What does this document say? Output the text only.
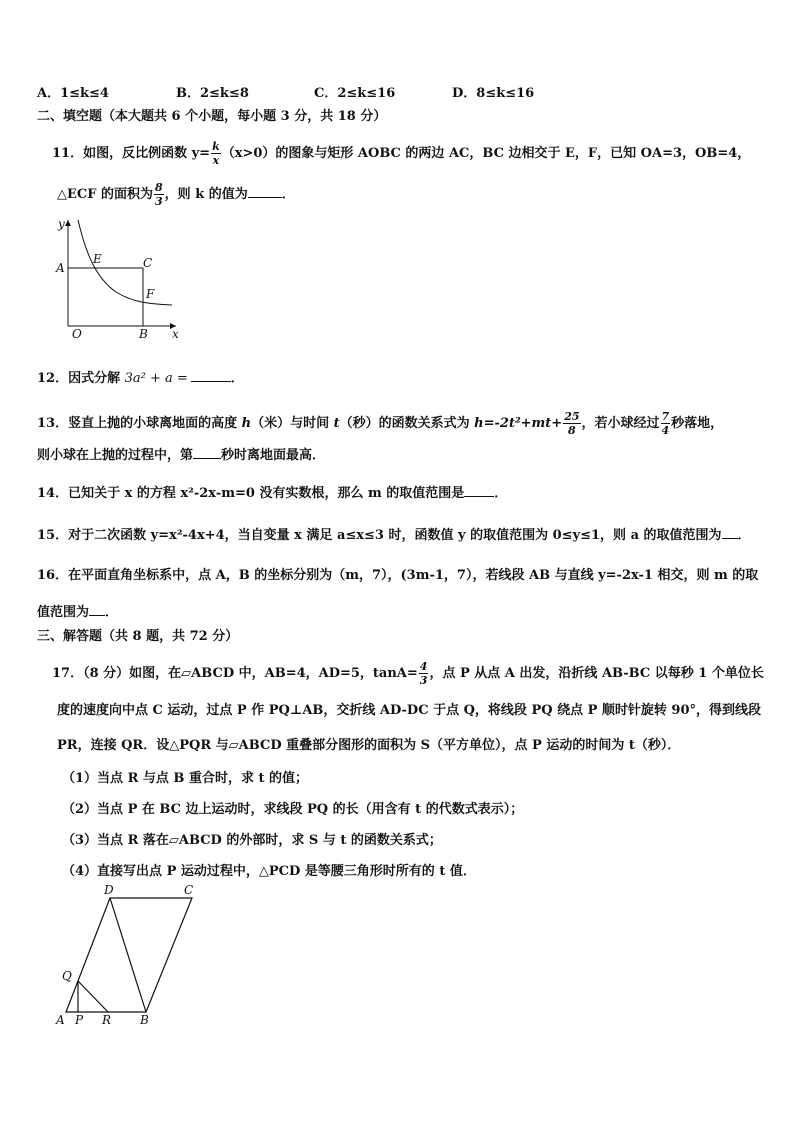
A．1≤k≤4	B．2≤k≤8	C．2≤k≤16	D．8≤k≤16
二、填空题（本大题共 6 个小题，每小题 3 分，共 18 分）
11．如图，反比例函数 $y= \frac{k}{x} (x>0)$的图象与矩形 AOBC 的两边 AC，BC 边相交于 E，F，已知 OA=3，OB=4，
△ECF 的面积为 $\frac{8}{3}$ ，则 k 的值为	．
y
A
E	C
F
O	B x
12．因式分解 3a² + a =	．
13．竖直上抛的小球离地面的高度 h（米）与时间 t（秒）的函数关系式为 $h=-2t^2+mt+ \frac{25}{8}$ ，若小球经过 $\frac{7}{4}$ 秒落地，
则小球在上抛的过程中，第 秒时离地面最高．
14．已知关于 x 的方程 x²-2x-m=0 没有实数根，那么 m 的取值范围是 ．
15．对于二次函数 y=x²-4x+4，当自变量 x 满足 a≤x≤3 时，函数值 y 的取值范围为 0≤y≤1，则 a 的取值范围为 ．
16．在平面直角坐标系中，点 A，B 的坐标分别为（m，7），(3m-1，7），若线段 AB 与直线 y=-2x-1 相交，则 m 的取
值范围为 ．
三、解答题（共 8 题，共 72 分）
17．（8 分）如图，在▱ABCD 中，AB=4，AD=5，$\tan A= \frac{4}{3}$ ，点 P 从点 A 出发，沿折线 AB-BC 以每秒 1 个单位长
度的速度向中点 C 运动，过点 P 作 PQ⊥AB，交折线 AD-DC 于点 Q，将线段 PQ 绕点 P 顺时针旋转 90°，得到线段
PR，连接 QR．设△PQR 与▱ABCD 重叠部分图形的面积为 S（平方单位），点 P 运动的时间为 t（秒）．
（1）当点 R 与点 B 重合时，求 t 的值；
（2）当点 P 在 BC 边上运动时，求线段 PQ 的长（用含有 t 的代数式表示）；
（3）当点 R 落在▱ABCD 的外部时，求 S 与 t 的函数关系式；
（4）直接写出点 P 运动过程中，△PCD 是等腰三角形时所有的 t 值．
D	C
Q
A P R B
